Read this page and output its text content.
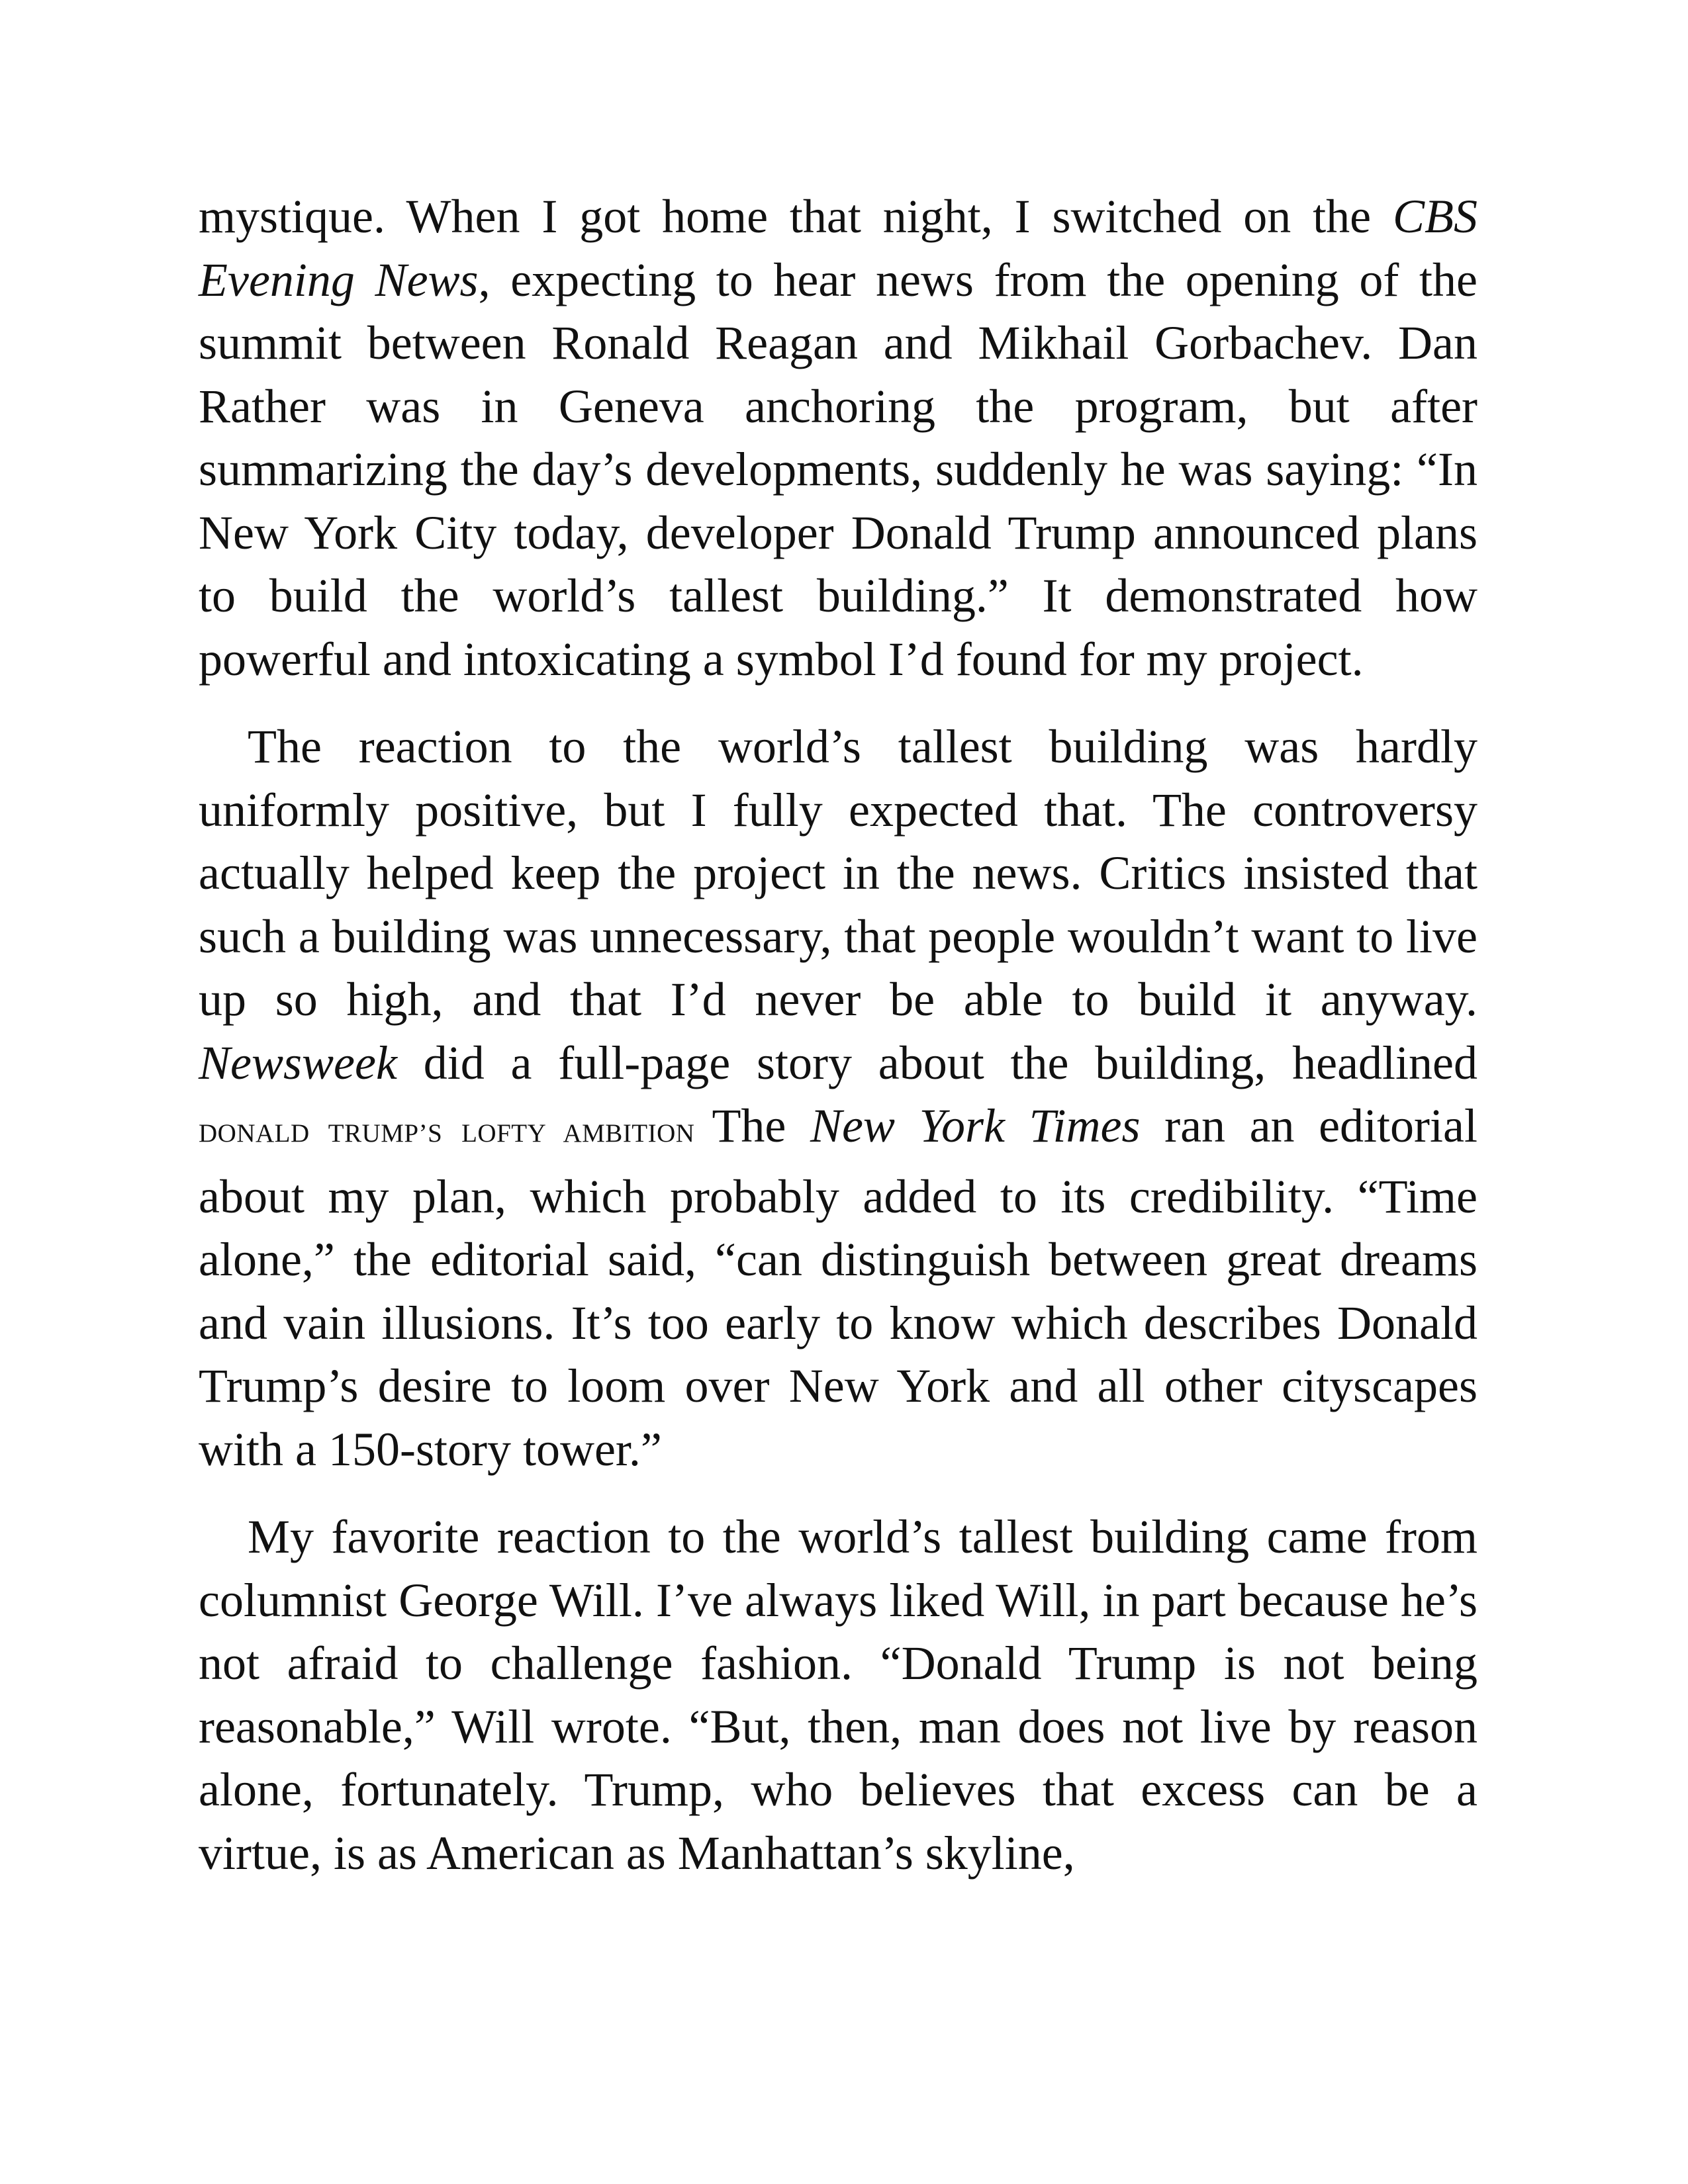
mystique. When I got home that night, I switched on the CBS Evening News, expecting to hear news from the opening of the summit between Ronald Reagan and Mikhail Gorbachev. Dan Rather was in Geneva anchoring the program, but after summarizing the day’s developments, suddenly he was saying: “In New York City today, developer Donald Trump announced plans to build the world’s tallest building.” It demonstrated how powerful and intoxicating a symbol I’d found for my project.

The reaction to the world’s tallest building was hardly uniformly positive, but I fully expected that. The controversy actually helped keep the project in the news. Critics insisted that such a building was unnecessary, that people wouldn’t want to live up so high, and that I’d never be able to build it anyway. Newsweek did a full-page story about the building, headlined DONALD TRUMP’S LOFTY AMBITION The New York Times ran an editorial about my plan, which probably added to its credibility. “Time alone,” the editorial said, “can distinguish between great dreams and vain illusions. It’s too early to know which describes Donald Trump’s desire to loom over New York and all other cityscapes with a 150-story tower.”

My favorite reaction to the world’s tallest building came from columnist George Will. I’ve always liked Will, in part because he’s not afraid to challenge fashion. “Donald Trump is not being reasonable,” Will wrote. “But, then, man does not live by reason alone, fortunately. Trump, who believes that excess can be a virtue, is as American as Manhattan’s skyline,
